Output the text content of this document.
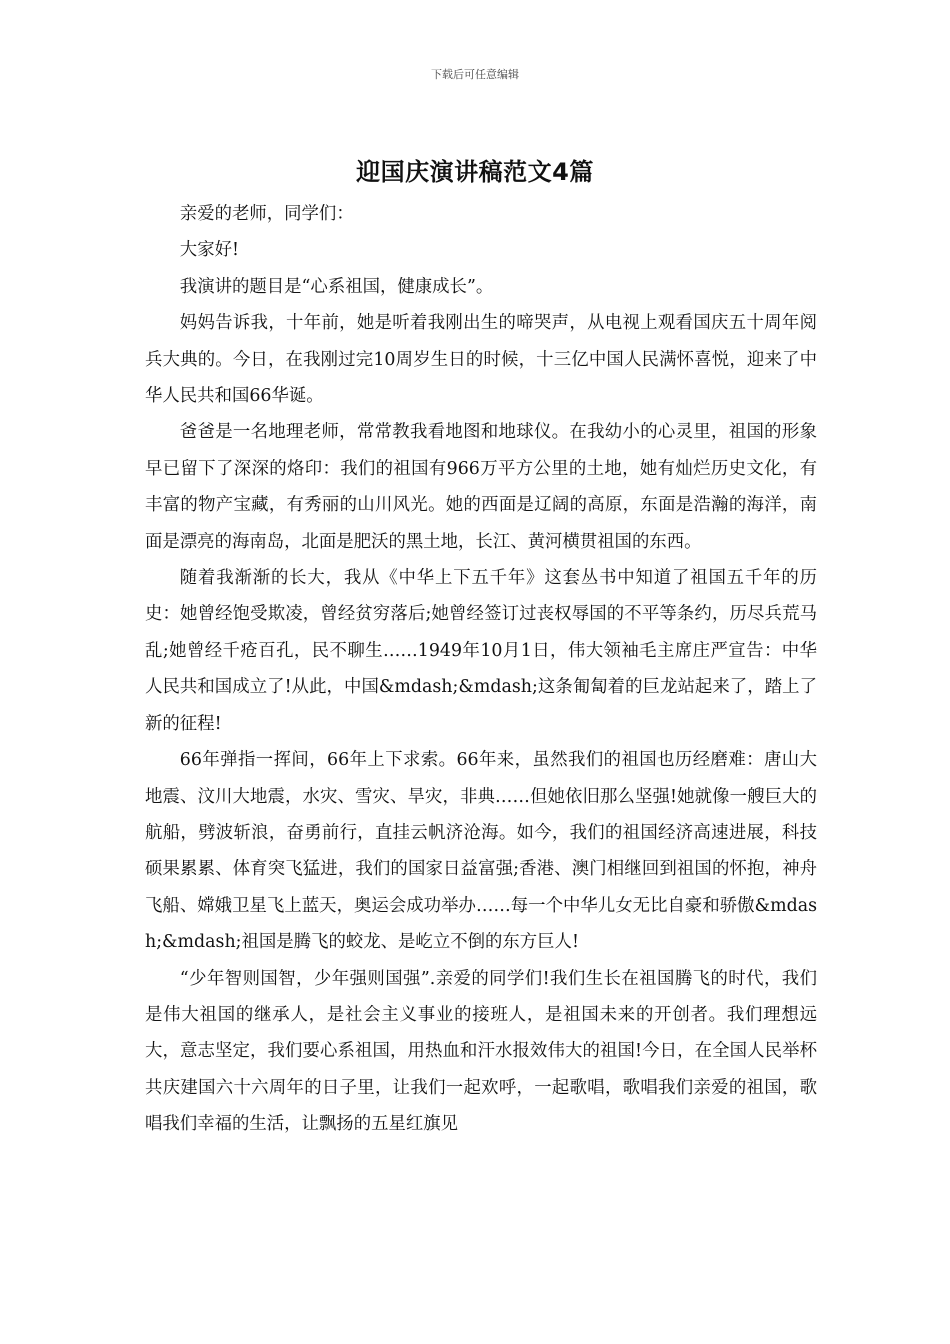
下载后可任意编辑
迎国庆演讲稿范文4篇

亲爱的老师，同学们：

大家好!

我演讲的题目是“心系祖国，健康成长”。

妈妈告诉我，十年前，她是听着我刚出生的啼哭声，从电视上观看国庆五十周年阅兵大典的。今日，在我刚过完10周岁生日的时候，十三亿中国人民满怀喜悦，迎来了中华人民共和国66华诞。

爸爸是一名地理老师，常常教我看地图和地球仪。在我幼小的心灵里，祖国的形象早已留下了深深的烙印：我们的祖国有966万平方公里的土地，她有灿烂历史文化，有丰富的物产宝藏，有秀丽的山川风光。她的西面是辽阔的高原，东面是浩瀚的海洋，南面是漂亮的海南岛，北面是肥沃的黑土地，长江、黄河横贯祖国的东西。

随着我渐渐的长大，我从《中华上下五千年》这套丛书中知道了祖国五千年的历史：她曾经饱受欺凌，曾经贫穷落后;她曾经签订过丧权辱国的不平等条约，历尽兵荒马乱;她曾经千疮百孔，民不聊生……1949年10月1日，伟大领袖毛主席庄严宣告：中华人民共和国成立了!从此，中国&mdash;&mdash;这条匍匐着的巨龙站起来了，踏上了新的征程!

66年弹指一挥间，66年上下求索。66年来，虽然我们的祖国也历经磨难：唐山大地震、汶川大地震，水灾、雪灾、旱灾，非典……但她依旧那么坚强!她就像一艘巨大的航船，劈波斩浪，奋勇前行，直挂云帆济沧海。如今，我们的祖国经济高速进展，科技硕果累累、体育突飞猛进，我们的国家日益富强;香港、澳门相继回到祖国的怀抱，神舟飞船、嫦娥卫星飞上蓝天，奥运会成功举办……每一个中华儿女无比自豪和骄傲&mdash;&mdash;祖国是腾飞的蛟龙、是屹立不倒的东方巨人!

“少年智则国智，少年强则国强”.亲爱的同学们!我们生长在祖国腾飞的时代，我们是伟大祖国的继承人，是社会主义事业的接班人，是祖国未来的开创者。我们理想远大，意志坚定，我们要心系祖国，用热血和汗水报效伟大的祖国!今日，在全国人民举杯共庆建国六十六周年的日子里，让我们一起欢呼，一起歌唱，歌唱我们亲爱的祖国，歌唱我们幸福的生活，让飘扬的五星红旗见
